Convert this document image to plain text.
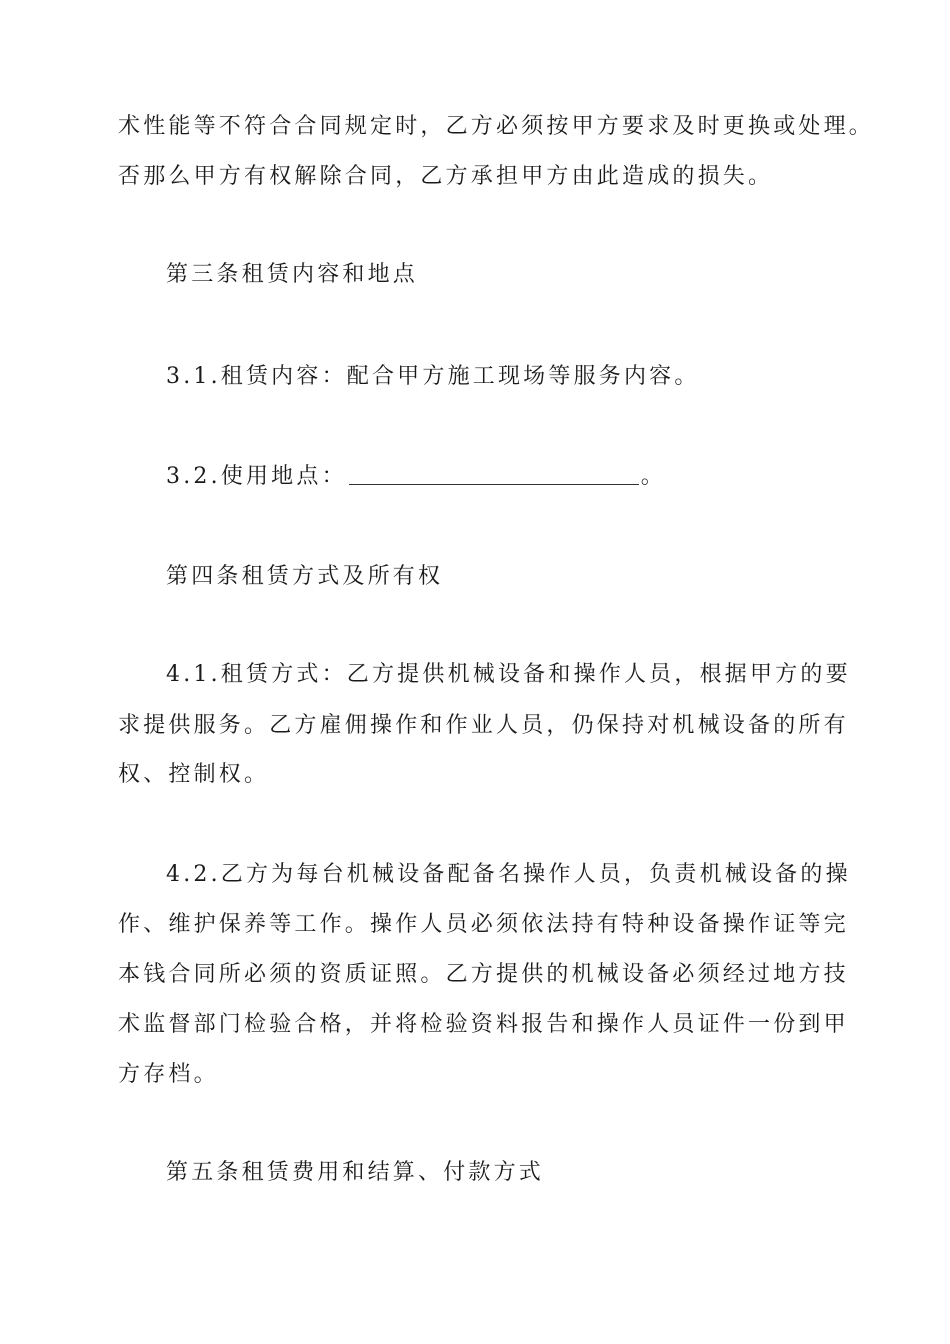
术性能等不符合合同规定时，乙方必须按甲方要求及时更换或处理。
否那么甲方有权解除合同，乙方承担甲方由此造成的损失。
第三条租赁内容和地点
3.1.租赁内容：配合甲方施工现场等服务内容。
3.2.使用地点：	。
第四条租赁方式及所有权
4.1.租赁方式：乙方提供机械设备和操作人员，根据甲方的要
求提供服务。乙方雇佣操作和作业人员，仍保持对机械设备的所有
权、控制权。
4.2.乙方为每台机械设备配备名操作人员，负责机械设备的操
作、维护保养等工作。操作人员必须依法持有特种设备操作证等完
本钱合同所必须的资质证照。乙方提供的机械设备必须经过地方技
术监督部门检验合格，并将检验资料报告和操作人员证件一份到甲
方存档。
第五条租赁费用和结算、付款方式
